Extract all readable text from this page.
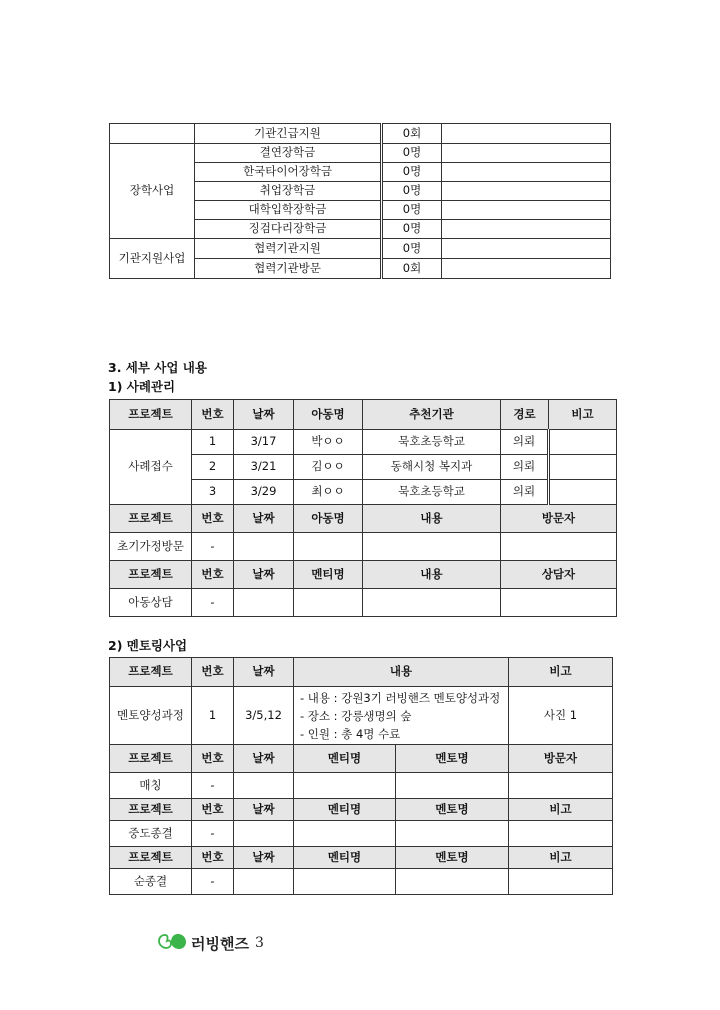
	기관긴급지원	0회	
장학사업	결연장학금	0명	
	한국타이어장학금	0명	
	취업장학금	0명	
	대학입학장학금	0명	
	징검다리장학금	0명	
기관지원사업	협력기관지원	0명	
	협력기관방문	0회	
3. 세부 사업 내용
1) 사례관리
프로젝트	번호	날짜	아동명	추천기관	경로	비고
사례접수	1	3/17	박ㅇㅇ	묵호초등학교	의뢰	
	2	3/21	김ㅇㅇ	동해시청 복지과	의뢰	
	3	3/29	최ㅇㅇ	묵호초등학교	의뢰	
프로젝트	번호	날짜	아동명	내용	방문자	
초기가정방문	-					
프로젝트	번호	날짜	멘티명	내용	상담자	
아동상담	-					
2) 멘토링사업
프로젝트	번호	날짜	내용		비고
멘토양성과정	1	3/5,12	- 내용 : 강원3기 러빙핸즈 멘토양성과정
- 장소 : 강릉생명의 숲
- 인원 : 총 4명 수료		사진 1
프로젝트	번호	날짜	멘티명	멘토명	방문자
매칭	-				
프로젝트	번호	날짜	멘티명	멘토명	비고
중도종결	-				
프로젝트	번호	날짜	멘티명	멘토명	비고
순종결	-				
러빙핸즈 3
